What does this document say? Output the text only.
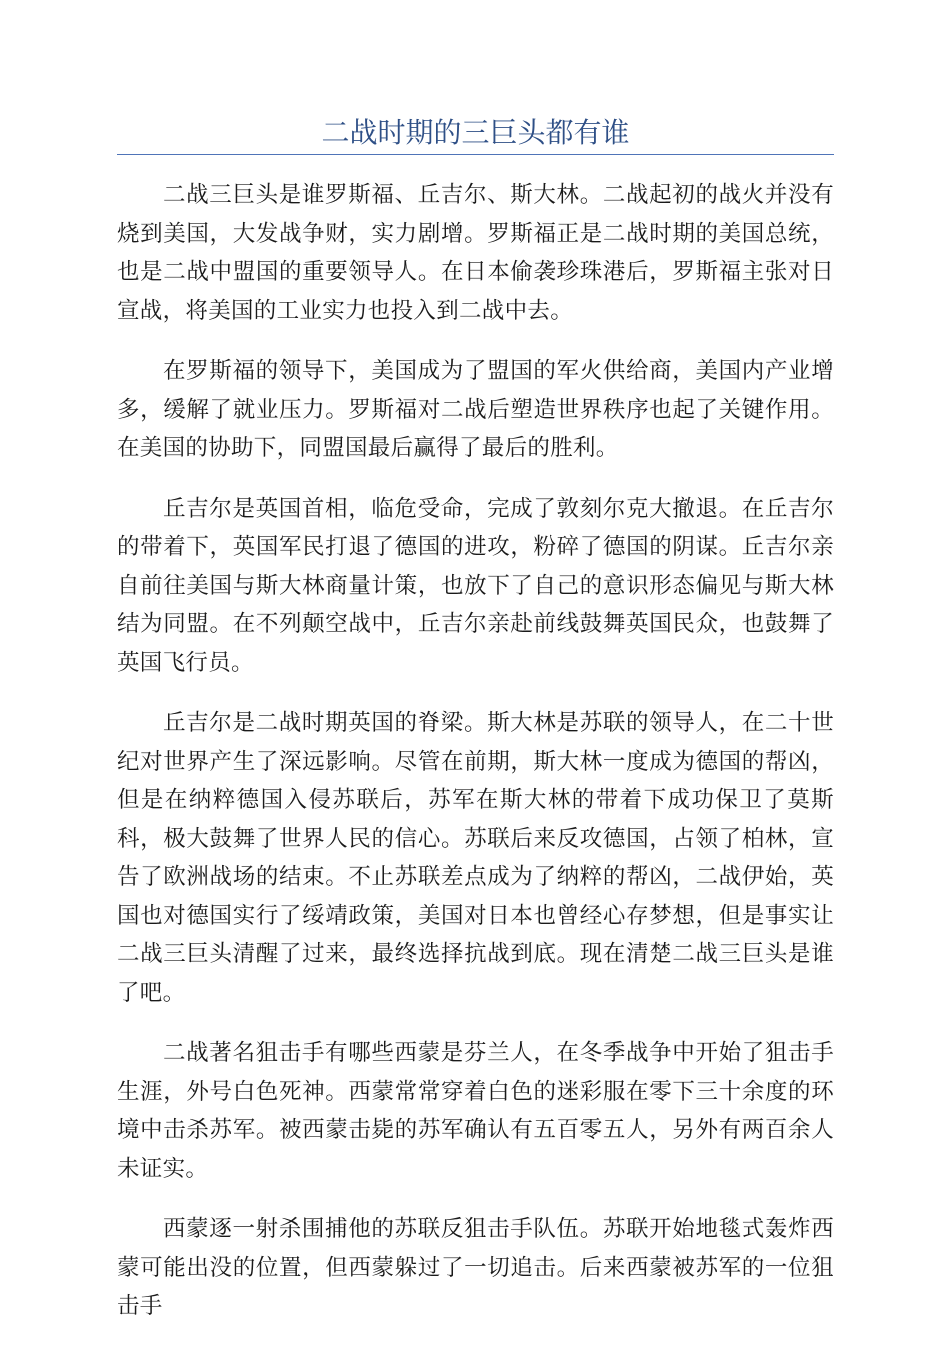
二战时期的三巨头都有谁

二战三巨头是谁罗斯福、丘吉尔、斯大林。二战起初的战火并没有烧到美国，大发战争财，实力剧增。罗斯福正是二战时期的美国总统，也是二战中盟国的重要领导人。在日本偷袭珍珠港后，罗斯福主张对日宣战，将美国的工业实力也投入到二战中去。

在罗斯福的领导下，美国成为了盟国的军火供给商，美国内产业增多，缓解了就业压力。罗斯福对二战后塑造世界秩序也起了关键作用。在美国的协助下，同盟国最后赢得了最后的胜利。

丘吉尔是英国首相，临危受命，完成了敦刻尔克大撤退。在丘吉尔的带着下，英国军民打退了德国的进攻，粉碎了德国的阴谋。丘吉尔亲自前往美国与斯大林商量计策，也放下了自己的意识形态偏见与斯大林结为同盟。在不列颠空战中，丘吉尔亲赴前线鼓舞英国民众，也鼓舞了英国飞行员。

丘吉尔是二战时期英国的脊梁。斯大林是苏联的领导人，在二十世纪对世界产生了深远影响。尽管在前期，斯大林一度成为德国的帮凶，但是在纳粹德国入侵苏联后，苏军在斯大林的带着下成功保卫了莫斯科，极大鼓舞了世界人民的信心。苏联后来反攻德国，占领了柏林，宣告了欧洲战场的结束。不止苏联差点成为了纳粹的帮凶，二战伊始，英国也对德国实行了绥靖政策，美国对日本也曾经心存梦想，但是事实让二战三巨头清醒了过来，最终选择抗战到底。现在清楚二战三巨头是谁了吧。

二战著名狙击手有哪些西蒙是芬兰人，在冬季战争中开始了狙击手生涯，外号白色死神。西蒙常常穿着白色的迷彩服在零下三十余度的环境中击杀苏军。被西蒙击毙的苏军确认有五百零五人，另外有两百余人未证实。

西蒙逐一射杀围捕他的苏联反狙击手队伍。苏联开始地毯式轰炸西蒙可能出没的位置，但西蒙躲过了一切追击。后来西蒙被苏军的一位狙击手
